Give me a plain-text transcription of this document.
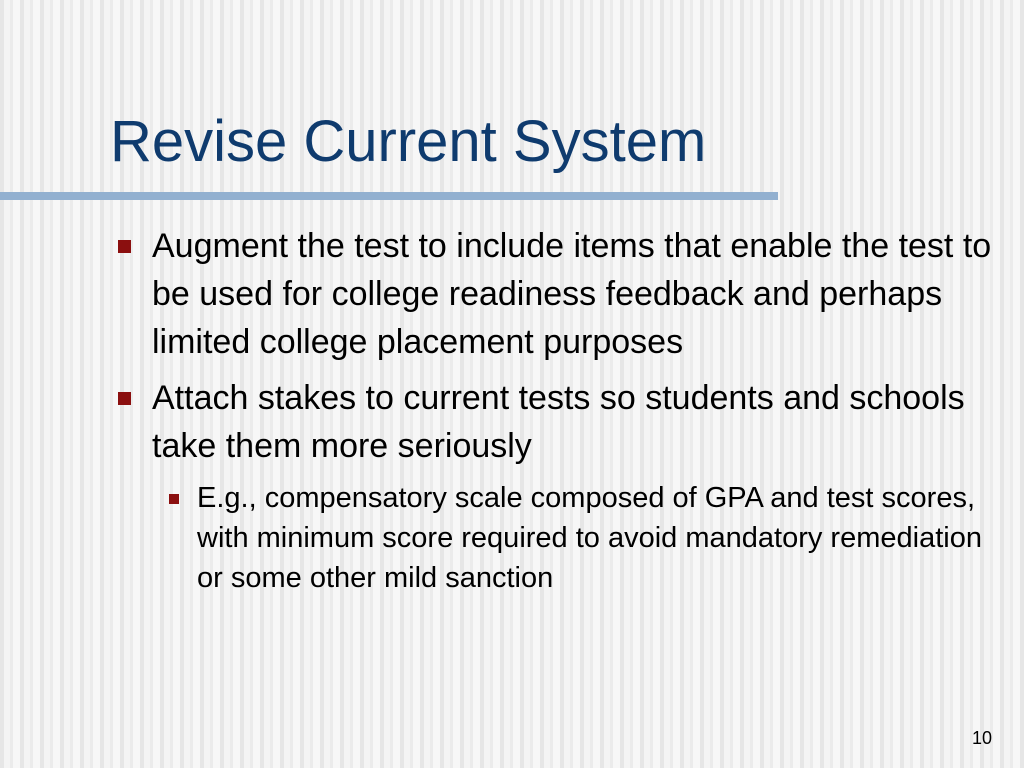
Revise Current System
Augment the test to include items that enable the test to be used for college readiness feedback and perhaps limited college placement purposes
Attach stakes to current tests so students and schools take them more seriously
E.g., compensatory scale composed of GPA and test scores, with minimum score required to avoid mandatory remediation or some other mild sanction
10
